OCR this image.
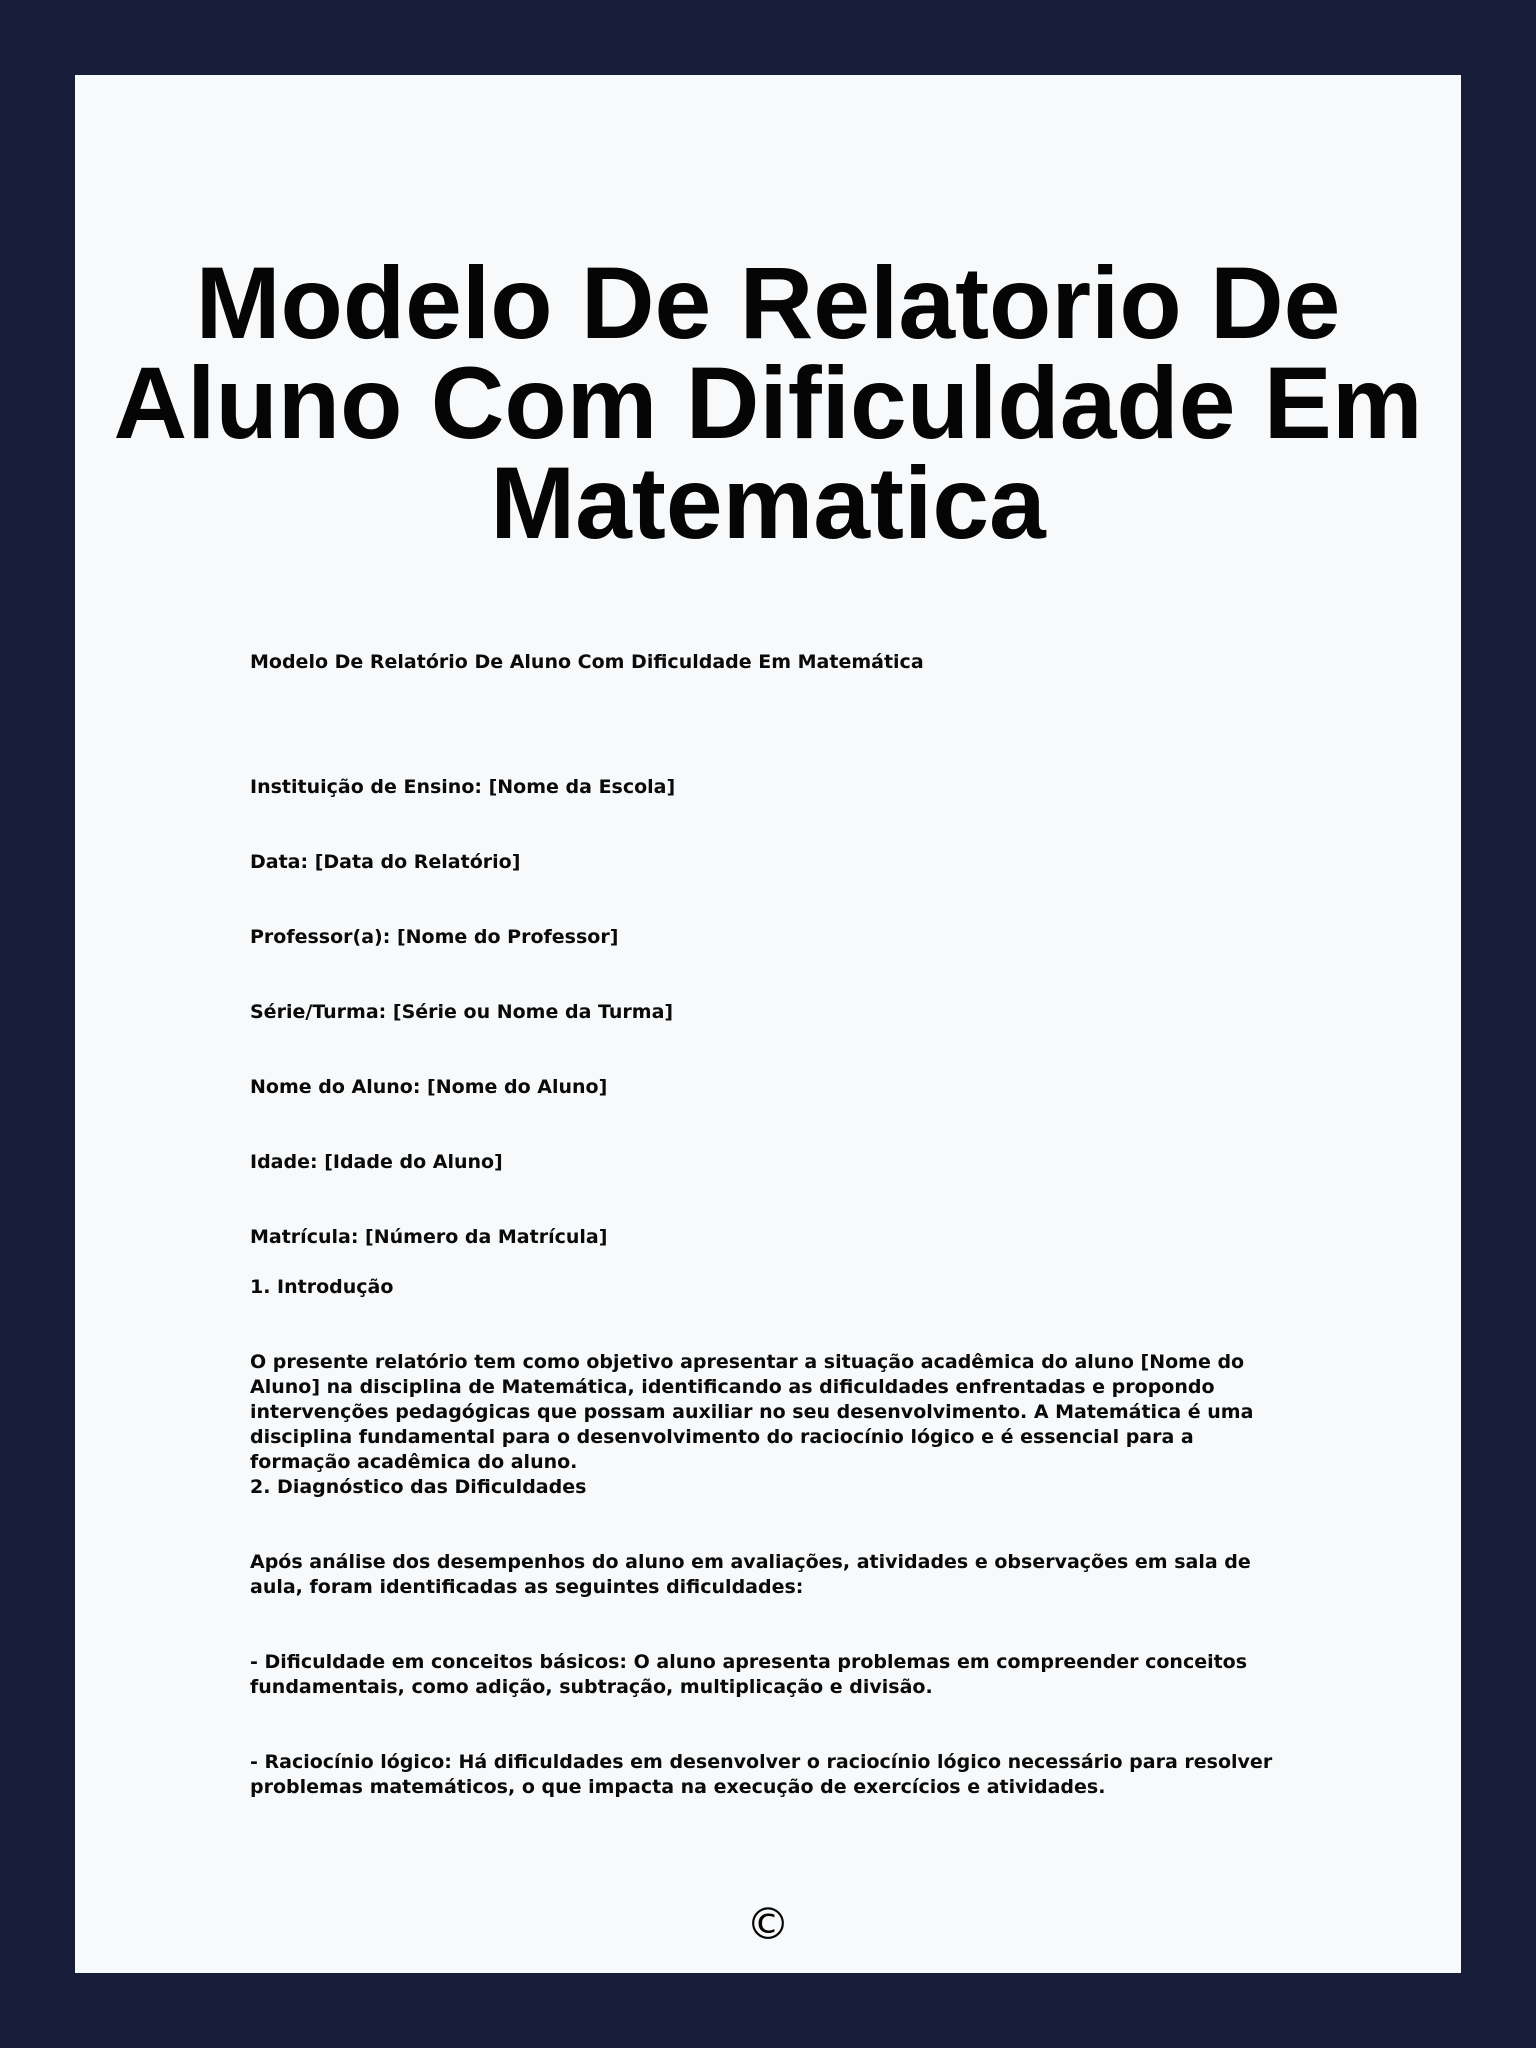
Modelo De Relatorio De Aluno Com Dificuldade Em Matematica

Modelo De Relatório De Aluno Com Dificuldade Em Matemática

Instituição de Ensino: [Nome da Escola]

Data: [Data do Relatório]

Professor(a): [Nome do Professor]

Série/Turma: [Série ou Nome da Turma]

Nome do Aluno: [Nome do Aluno]

Idade: [Idade do Aluno]

Matrícula: [Número da Matrícula]

1. Introdução

O presente relatório tem como objetivo apresentar a situação acadêmica do aluno [Nome do Aluno] na disciplina de Matemática, identificando as dificuldades enfrentadas e propondo intervenções pedagógicas que possam auxiliar no seu desenvolvimento. A Matemática é uma disciplina fundamental para o desenvolvimento do raciocínio lógico e é essencial para a formação acadêmica do aluno.

2. Diagnóstico das Dificuldades

Após análise dos desempenhos do aluno em avaliações, atividades e observações em sala de aula, foram identificadas as seguintes dificuldades:

- Dificuldade em conceitos básicos: O aluno apresenta problemas em compreender conceitos fundamentais, como adição, subtração, multiplicação e divisão.

- Raciocínio lógico: Há dificuldades em desenvolver o raciocínio lógico necessário para resolver problemas matemáticos, o que impacta na execução de exercícios e atividades.

©
